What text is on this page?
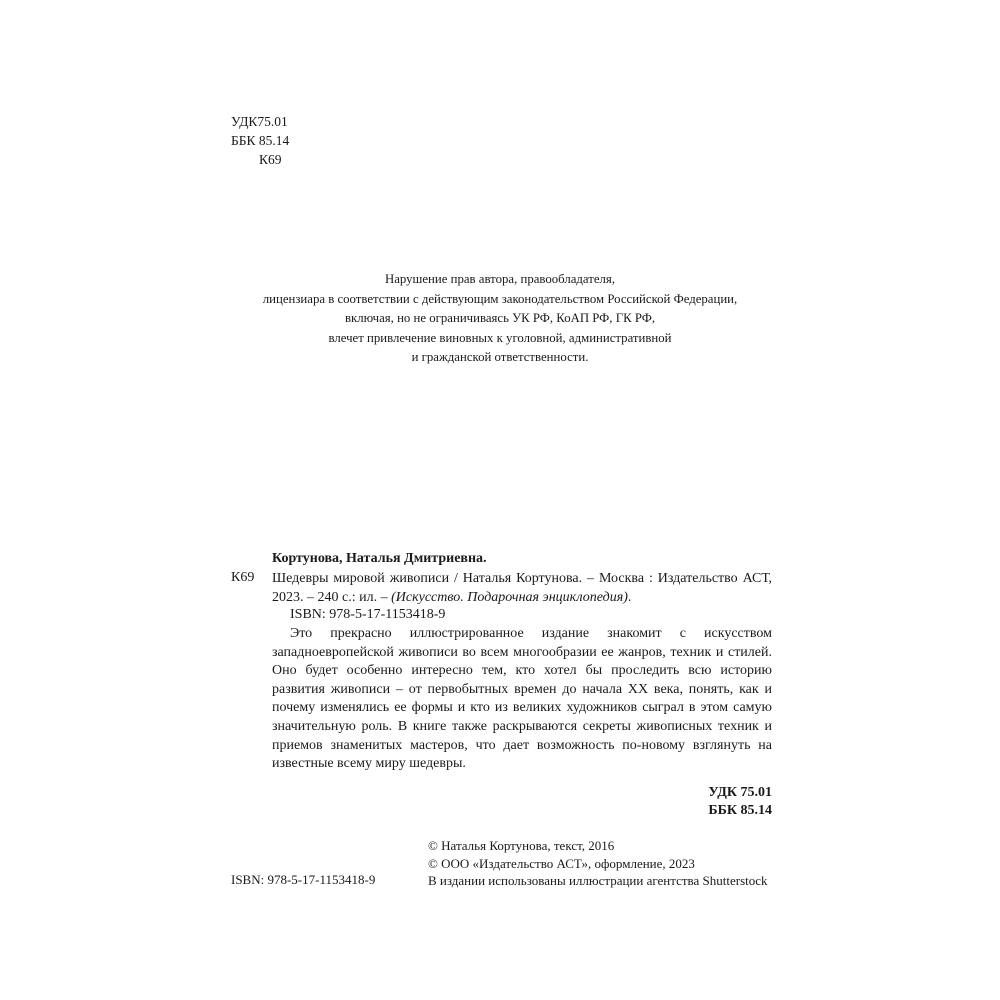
УДК75.01
ББК 85.14
К69
Нарушение прав автора, правообладателя,
лицензиара в соответствии с действующим законодательством Российской Федерации,
включая, но не ограничиваясь УК РФ, КоАП РФ, ГК РФ,
влечет привлечение виновных к уголовной, административной
и гражданской ответственности.
Кортунова, Наталья Дмитриевна.
К69 Шедевры мировой живописи / Наталья Кортунова. – Москва : Издательство АСТ, 2023. – 240 с.: ил. – (Искусство. Подарочная энциклопедия).
ISBN: 978-5-17-1153418-9

Это прекрасно иллюстрированное издание знакомит с искусством западноевропейской живописи во всем многообразии ее жанров, техник и стилей. Оно будет особенно интересно тем, кто хотел бы проследить всю историю развития живописи – от первобытных времен до начала XX века, понять, как и почему изменялись ее формы и кто из великих художников сыграл в этом самую значительную роль. В книге также раскрываются секреты живописных техник и приемов знаменитых мастеров, что дает возможность по-новому взглянуть на известные всему миру шедевры.

УДК 75.01
ББК 85.14
© Наталья Кортунова, текст, 2016
© ООО «Издательство АСТ», оформление, 2023
В издании использованы иллюстрации агентства Shutterstock
ISBN: 978-5-17-1153418-9
